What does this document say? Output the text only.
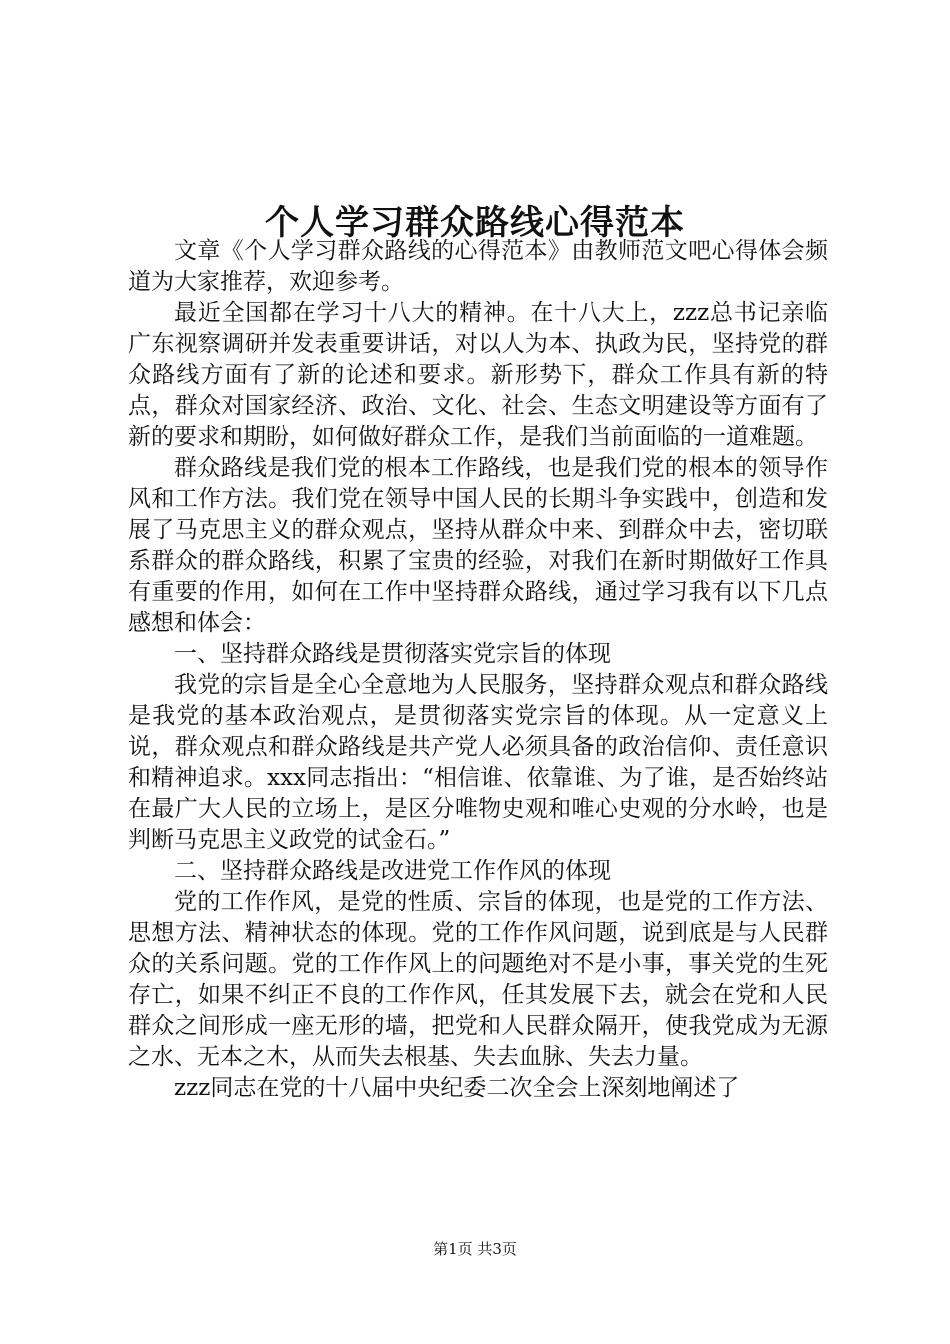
个人学习群众路线心得范本

文章《个人学习群众路线的心得范本》由教师范文吧心得体会频道为大家推荐，欢迎参考。

最近全国都在学习十八大的精神。在十八大上，zzz总书记亲临广东视察调研并发表重要讲话，对以人为本、执政为民，坚持党的群众路线方面有了新的论述和要求。新形势下，群众工作具有新的特点，群众对国家经济、政治、文化、社会、生态文明建设等方面有了新的要求和期盼，如何做好群众工作，是我们当前面临的一道难题。

群众路线是我们党的根本工作路线，也是我们党的根本的领导作风和工作方法。我们党在领导中国人民的长期斗争实践中，创造和发展了马克思主义的群众观点，坚持从群众中来、到群众中去，密切联系群众的群众路线，积累了宝贵的经验，对我们在新时期做好工作具有重要的作用，如何在工作中坚持群众路线，通过学习我有以下几点感想和体会：

一、坚持群众路线是贯彻落实党宗旨的体现

我党的宗旨是全心全意地为人民服务，坚持群众观点和群众路线是我党的基本政治观点，是贯彻落实党宗旨的体现。从一定意义上说，群众观点和群众路线是共产党人必须具备的政治信仰、责任意识和精神追求。xxx同志指出：“相信谁、依靠谁、为了谁，是否始终站在最广大人民的立场上，是区分唯物史观和唯心史观的分水岭，也是判断马克思主义政党的试金石。”

二、坚持群众路线是改进党工作作风的体现

党的工作作风，是党的性质、宗旨的体现，也是党的工作方法、思想方法、精神状态的体现。党的工作作风问题，说到底是与人民群众的关系问题。党的工作作风上的问题绝对不是小事，事关党的生死存亡，如果不纠正不良的工作作风，任其发展下去，就会在党和人民群众之间形成一座无形的墙，把党和人民群众隔开，使我党成为无源之水、无本之木，从而失去根基、失去血脉、失去力量。

zzz同志在党的十八届中央纪委二次全会上深刻地阐述了

第1页 共3页
